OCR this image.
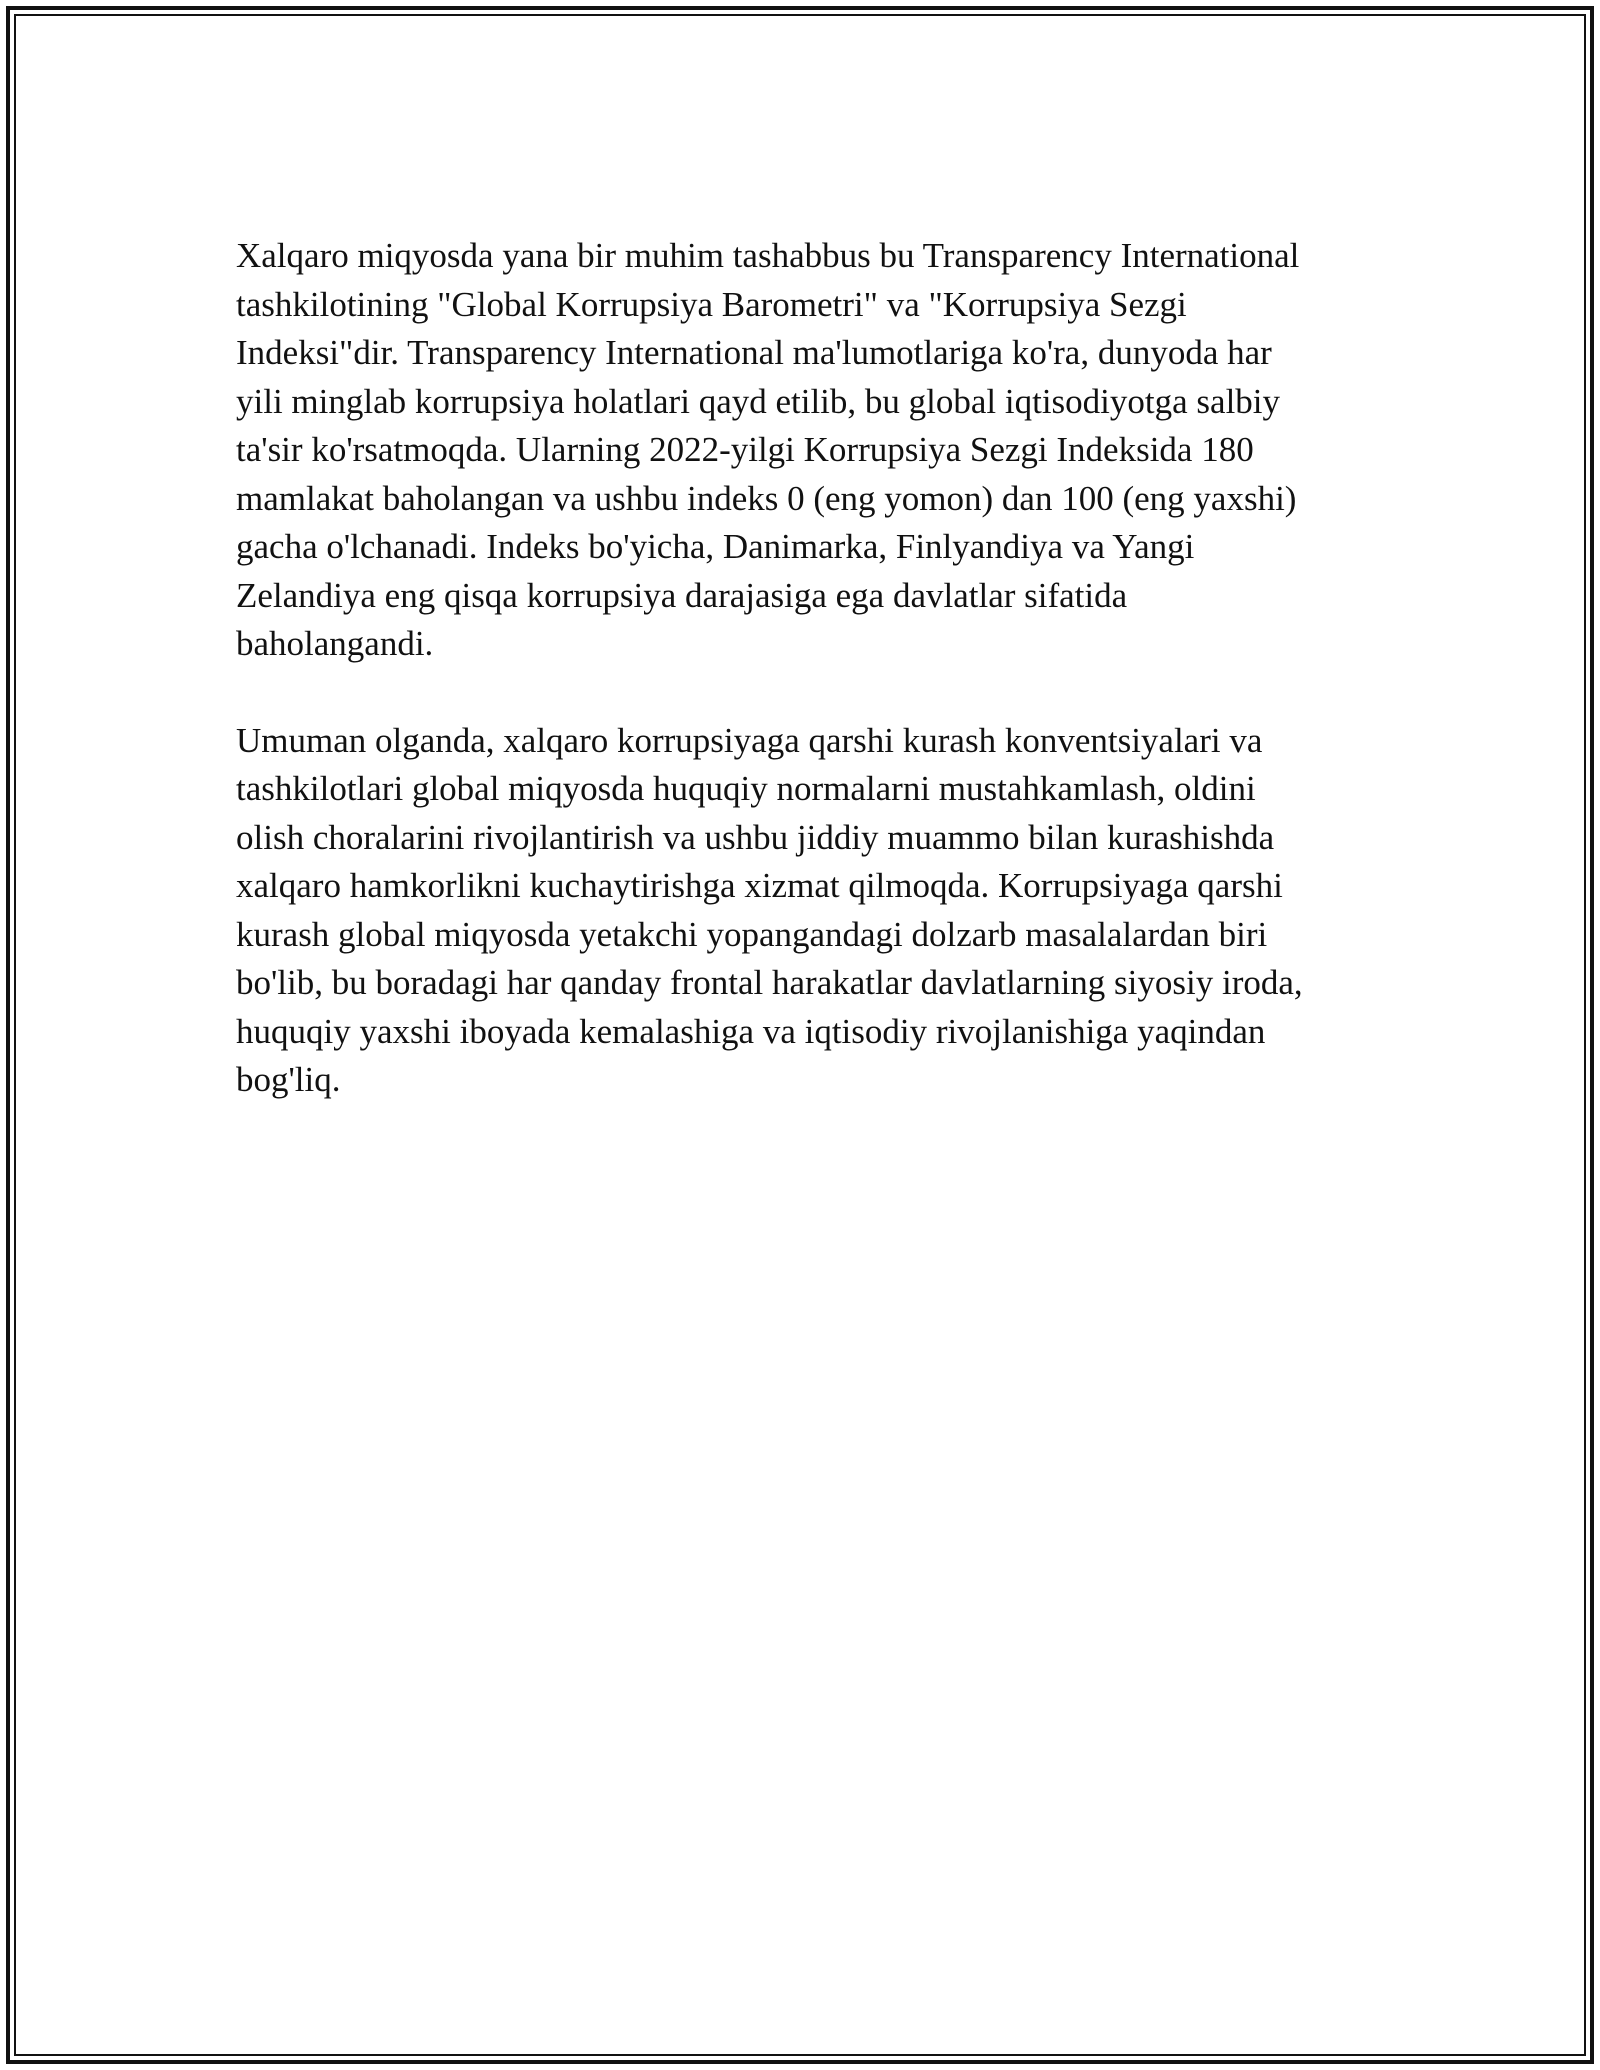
Xalqaro miqyosda yana bir muhim tashabbus bu Transparency International
tashkilotining "Global Korrupsiya Barometri" va "Korrupsiya Sezgi
Indeksi"dir. Transparency International ma'lumotlariga ko'ra, dunyoda har
yili minglab korrupsiya holatlari qayd etilib, bu global iqtisodiyotga salbiy
ta'sir ko'rsatmoqda. Ularning 2022-yilgi Korrupsiya Sezgi Indeksida 180
mamlakat baholangan va ushbu indeks 0 (eng yomon) dan 100 (eng yaxshi)
gacha o'lchanadi. Indeks bo'yicha, Danimarka, Finlyandiya va Yangi
Zelandiya eng qisqa korrupsiya darajasiga ega davlatlar sifatida
baholangandi.

Umuman olganda, xalqaro korrupsiyaga qarshi kurash konventsiyalari va
tashkilotlari global miqyosda huquqiy normalarni mustahkamlash, oldini
olish choralarini rivojlantirish va ushbu jiddiy muammo bilan kurashishda
xalqaro hamkorlikni kuchaytirishga xizmat qilmoqda. Korrupsiyaga qarshi
kurash global miqyosda yetakchi yopangandagi dolzarb masalalardan biri
bo'lib, bu boradagi har qanday frontal harakatlar davlatlarning siyosiy iroda,
huquqiy yaxshi iboyada kemalashiga va iqtisodiy rivojlanishiga yaqindan
bog'liq.
